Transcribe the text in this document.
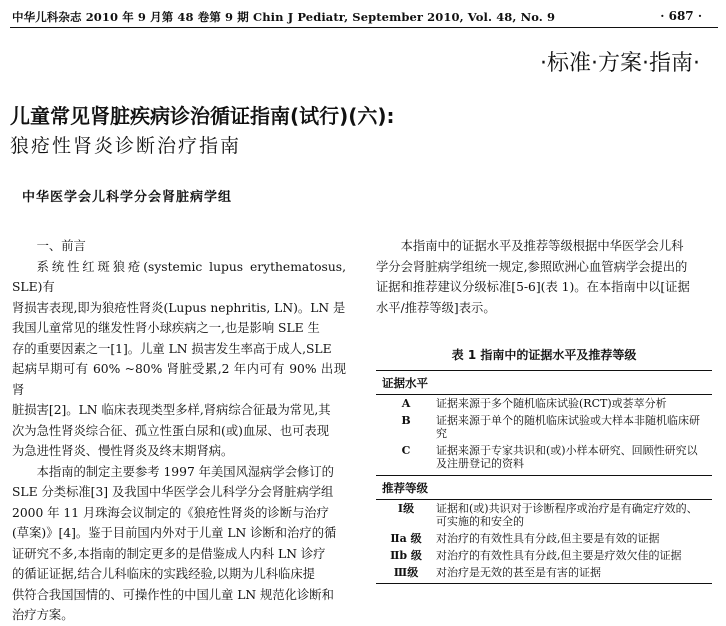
中华儿科杂志 2010 年 9 月第 48 卷第 9 期 Chin J Pediatr, September 2010, Vol. 48, No. 9	· 687 ·
·标准·方案·指南·
儿童常见肾脏疾病诊治循证指南(试行)(六):
狼疮性肾炎诊断治疗指南
中华医学会儿科学分会肾脏病学组

一、前言

系统性红斑狼疮(systemic lupus erythematosus, SLE)有

肾损害表现,即为狼疮性肾炎(Lupus nephritis, LN)。LN 是

我国儿童常见的继发性肾小球疾病之一,也是影响 SLE 生

存的重要因素之一[1]。儿童 LN 损害发生率高于成人,SLE

起病早期可有 60% ~80% 肾脏受累,2 年内可有 90% 出现肾

脏损害[2]。LN 临床表现类型多样,肾病综合征最为常见,其

次为急性肾炎综合征、孤立性蛋白尿和(或)血尿、也可表现

为急进性肾炎、慢性肾炎及终末期肾病。

本指南的制定主要参考 1997 年美国风湿病学会修订的

SLE 分类标准[3] 及我国中华医学会儿科学分会肾脏病学组

2000 年 11 月珠海会议制定的《狼疮性肾炎的诊断与治疗

(草案)》[4]。鉴于目前国内外对于儿童 LN 诊断和治疗的循

证研究不多,本指南的制定更多的是借鉴成人内科 LN 诊疗

的循证证据,结合儿科临床的实践经验,以期为儿科临床提

供符合我国国情的、可操作性的中国儿童 LN 规范化诊断和

治疗方案。

本指南中的证据水平及推荐等级根据中华医学会儿科

学分会肾脏病学组统一规定,参照欧洲心血管病学会提出的

证据和推荐建议分级标准[5-6](表 1)。在本指南中以[证据

水平/推荐等级]表示。

表 1 指南中的证据水平及推荐等级
证据水平
A	证据来源于多个随机临床试验(RCT)或荟萃分析
B	证据来源于单个的随机临床试验或大样本非随机临床研究
C	证据来源于专家共识和(或)小样本研究、回顾性研究以及注册登记的资料
推荐等级
Ⅰ级	证据和(或)共识对于诊断程序或治疗是有确定疗效的、可实施的和安全的
Ⅱa 级	对治疗的有效性具有分歧,但主要是有效的证据
Ⅱb 级	对治疗的有效性具有分歧,但主要是疗效欠佳的证据
Ⅲ级	对治疗是无效的甚至是有害的证据
